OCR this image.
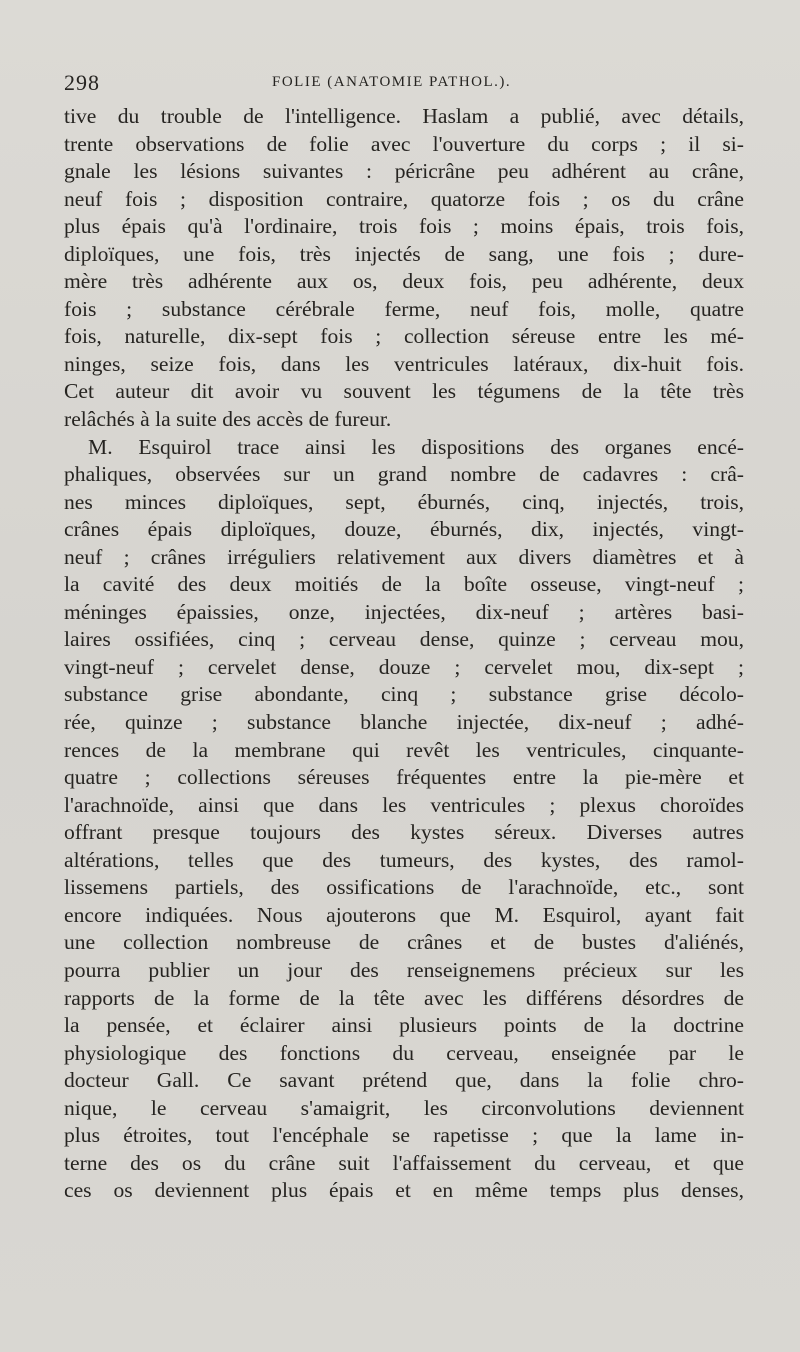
298	FOLIE (ANATOMIE PATHOL.).
tive du trouble de l'intelligence. Haslam a publié, avec détails,
trente observations de folie avec l'ouverture du corps ; il si-
gnale les lésions suivantes : péricrâne peu adhérent au crâne,
neuf fois ; disposition contraire, quatorze fois ; os du crâne
plus épais qu'à l'ordinaire, trois fois ; moins épais, trois fois,
diploïques, une fois, très injectés de sang, une fois ; dure-
mère très adhérente aux os, deux fois, peu adhérente, deux
fois ; substance cérébrale ferme, neuf fois, molle, quatre
fois, naturelle, dix-sept fois ; collection séreuse entre les mé-
ninges, seize fois, dans les ventricules latéraux, dix-huit fois.
Cet auteur dit avoir vu souvent les tégumens de la tête très
relâchés à la suite des accès de fureur.
M. Esquirol trace ainsi les dispositions des organes encé-
phaliques, observées sur un grand nombre de cadavres : crâ-
nes minces diploïques, sept, éburnés, cinq, injectés, trois,
crânes épais diploïques, douze, éburnés, dix, injectés, vingt-
neuf ; crânes irréguliers relativement aux divers diamètres et à
la cavité des deux moitiés de la boîte osseuse, vingt-neuf ;
méninges épaissies, onze, injectées, dix-neuf ; artères basi-
laires ossifiées, cinq ; cerveau dense, quinze ; cerveau mou,
vingt-neuf ; cervelet dense, douze ; cervelet mou, dix-sept ;
substance grise abondante, cinq ; substance grise décolo-
rée, quinze ; substance blanche injectée, dix-neuf ; adhé-
rences de la membrane qui revêt les ventricules, cinquante-
quatre ; collections séreuses fréquentes entre la pie-mère et
l'arachnoïde, ainsi que dans les ventricules ; plexus choroïdes
offrant presque toujours des kystes séreux. Diverses autres
altérations, telles que des tumeurs, des kystes, des ramol-
lissemens partiels, des ossifications de l'arachnoïde, etc., sont
encore indiquées. Nous ajouterons que M. Esquirol, ayant fait
une collection nombreuse de crânes et de bustes d'aliénés,
pourra publier un jour des renseignemens précieux sur les
rapports de la forme de la tête avec les différens désordres de
la pensée, et éclairer ainsi plusieurs points de la doctrine
physiologique des fonctions du cerveau, enseignée par le
docteur Gall. Ce savant prétend que, dans la folie chro-
nique, le cerveau s'amaigrit, les circonvolutions deviennent
plus étroites, tout l'encéphale se rapetisse ; que la lame in-
terne des os du crâne suit l'affaissement du cerveau, et que
ces os deviennent plus épais et en même temps plus denses,
